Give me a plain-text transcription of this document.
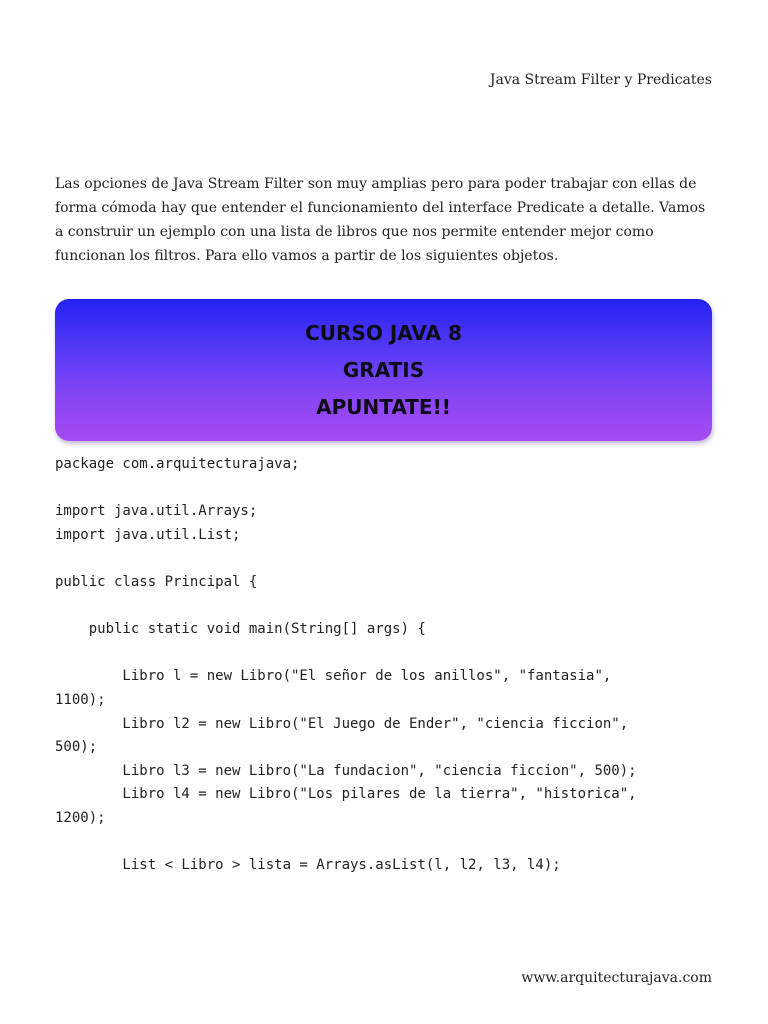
Java Stream Filter y Predicates

Las opciones de Java Stream Filter son muy amplias pero para poder trabajar con ellas de forma cómoda hay que entender el funcionamiento del interface Predicate a detalle. Vamos a construir un ejemplo con una lista de libros que nos permite entender mejor como funcionan los filtros. Para ello vamos a partir de los siguientes objetos.

CURSO JAVA 8
GRATIS
APUNTATE!!
package com.arquitecturajava;
import java.util.Arrays;
import java.util.List;
public class Principal {
public static void main(String[] args) {
Libro l = new Libro("El señor de los anillos", "fantasia",
1100);
Libro l2 = new Libro("El Juego de Ender", "ciencia ficcion",
500);
Libro l3 = new Libro("La fundacion", "ciencia ficcion", 500);
Libro l4 = new Libro("Los pilares de la tierra", "historica",
1200);
List < Libro > lista = Arrays.asList(l, l2, l3, l4);
www.arquitecturajava.com
